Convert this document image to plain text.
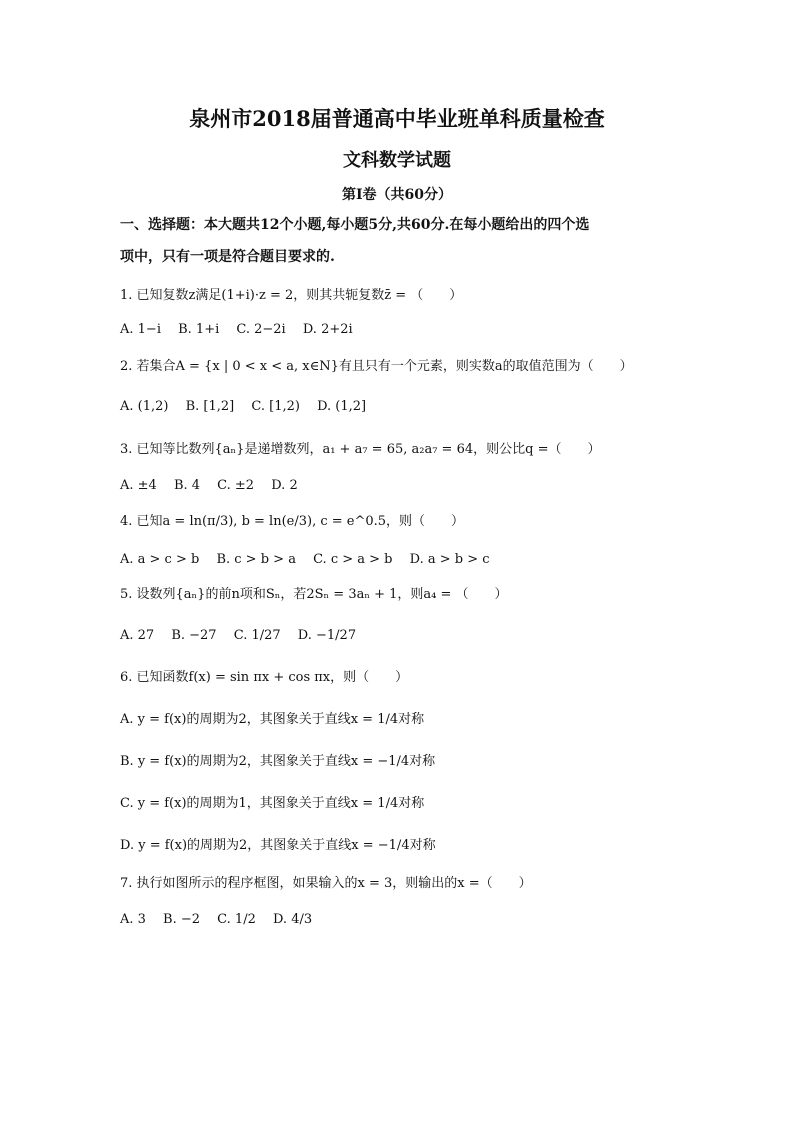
泉州市2018届普通高中毕业班单科质量检查
文科数学试题
第Ⅰ卷（共60分）
一、选择题：本大题共12个小题,每小题5分,共60分.在每小题给出的四个选
项中，只有一项是符合题目要求的.
1. 已知复数z满足(1+i)·z = 2，则其共轭复数z̄ = （　　）
A. 1−i　 B. 1+i　 C. 2−2i　 D. 2+2i
2. 若集合A = {x | 0 < x < a, x∈N}有且只有一个元素，则实数a的取值范围为（　　）
A. (1,2)　 B. [1,2]　 C. [1,2)　 D. (1,2]
3. 已知等比数列{aₙ}是递增数列，a₁ + a₇ = 65, a₂a₇ = 64，则公比q =（　　）
A. ±4　 B. 4　 C. ±2　 D. 2
4. 已知a = ln(π/3), b = ln(e/3), c = e^0.5，则（　　）
A. a > c > b　 B. c > b > a　 C. c > a > b　 D. a > b > c
5. 设数列{aₙ}的前n项和Sₙ，若2Sₙ = 3aₙ + 1，则a₄ = （　　）
A. 27　 B. −27　 C. 1/27　 D. −1/27
6. 已知函数f(x) = sin πx + cos πx，则（　　）
A. y = f(x)的周期为2，其图象关于直线x = 1/4对称
B. y = f(x)的周期为2，其图象关于直线x = −1/4对称
C. y = f(x)的周期为1，其图象关于直线x = 1/4对称
D. y = f(x)的周期为2，其图象关于直线x = −1/4对称
7. 执行如图所示的程序框图，如果输入的x = 3，则输出的x =（　　）
A. 3　 B. −2　 C. 1/2　 D. 4/3
